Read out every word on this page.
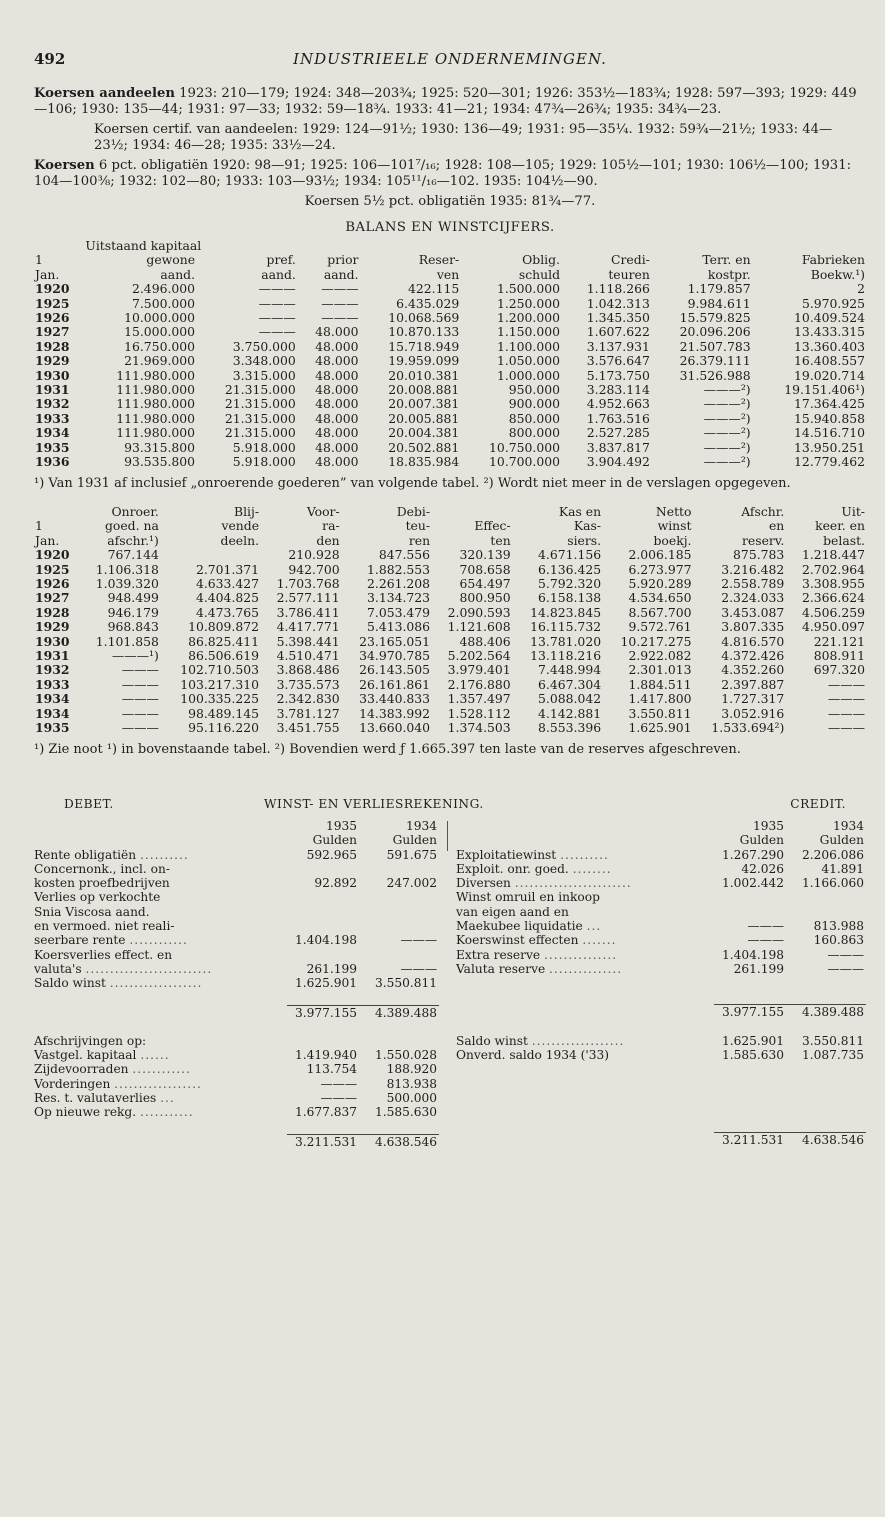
492	INDUSTRIEELE ONDERNEMINGEN.

Koersen aandeelen 1923: 210—179; 1924: 348—203¾; 1925: 520—301; 1926: 353½—183¾; 1928: 597—393; 1929: 449—106; 1930: 135—44; 1931: 97—33; 1932: 59—18¾. 1933: 41—21; 1934: 47¾—26¾; 1935: 34¾—23.

Koersen certif. van aandeelen: 1929: 124—91½; 1930: 136—49; 1931: 95—35¼. 1932: 59¾—21½; 1933: 44—23½; 1934: 46—28; 1935: 33½—24.

Koersen 6 pct. obligatiën 1920: 98—91; 1925: 106—101⁷/₁₆; 1928: 108—105; 1929: 105½—101; 1930: 106½—100; 1931: 104—100⅜; 1932: 102—80; 1933: 103—93½; 1934: 105¹¹/₁₆—102. 1935: 104½—90.

Koersen 5½ pct. obligatiën 1935: 81¾—77.

BALANS EN WINSTCIJFERS.
	Uitstaand kapitaal							
1	gewone	pref.	prior	Reser-	Oblig.	Credi-	Terr. en	Fabrieken
Jan.	aand.	aand.	aand.	ven	schuld	teuren	kostpr.	Boekw.¹)
1920	2.496.000	———	———	422.115	1.500.000	1.118.266	1.179.857	2
1925	7.500.000	———	———	6.435.029	1.250.000	1.042.313	9.984.611	5.970.925
1926	10.000.000	———	———	10.068.569	1.200.000	1.345.350	15.579.825	10.409.524
1927	15.000.000	———	48.000	10.870.133	1.150.000	1.607.622	20.096.206	13.433.315
1928	16.750.000	3.750.000	48.000	15.718.949	1.100.000	3.137.931	21.507.783	13.360.403
1929	21.969.000	3.348.000	48.000	19.959.099	1.050.000	3.576.647	26.379.111	16.408.557
1930	111.980.000	3.315.000	48.000	20.010.381	1.000.000	5.173.750	31.526.988	19.020.714
1931	111.980.000	21.315.000	48.000	20.008.881	950.000	3.283.114	———²)	19.151.406¹)
1932	111.980.000	21.315.000	48.000	20.007.381	900.000	4.952.663	———²)	17.364.425
1933	111.980.000	21.315.000	48.000	20.005.881	850.000	1.763.516	———²)	15.940.858
1934	111.980.000	21.315.000	48.000	20.004.381	800.000	2.527.285	———²)	14.516.710
1935	93.315.800	5.918.000	48.000	20.502.881	10.750.000	3.837.817	———²)	13.950.251
1936	93.535.800	5.918.000	48.000	18.835.984	10.700.000	3.904.492	———²)	12.779.462

¹) Van 1931 af inclusief „onroerende goederen” van volgende tabel. ²) Wordt niet meer in de verslagen opgegeven.

	Onroer.	Blij-	Voor-	Debi-		Kas en	Netto	Afschr.	Uit-
1	goed. na	vende	ra-	teu-	Effec-	Kas-	winst	en	keer. en
Jan.	afschr.¹)	deeln.	den	ren	ten	siers.	boekj.	reserv.	belast.
1920	767.144		210.928	847.556	320.139	4.671.156	2.006.185	875.783	1.218.447
1925	1.106.318	2.701.371	942.700	1.882.553	708.658	6.136.425	6.273.977	3.216.482	2.702.964
1926	1.039.320	4.633.427	1.703.768	2.261.208	654.497	5.792.320	5.920.289	2.558.789	3.308.955
1927	948.499	4.404.825	2.577.111	3.134.723	800.950	6.158.138	4.534.650	2.324.033	2.366.624
1928	946.179	4.473.765	3.786.411	7.053.479	2.090.593	14.823.845	8.567.700	3.453.087	4.506.259
1929	968.843	10.809.872	4.417.771	5.413.086	1.121.608	16.115.732	9.572.761	3.807.335	4.950.097
1930	1.101.858	86.825.411	5.398.441	23.165.051	488.406	13.781.020	10.217.275	4.816.570	221.121
1931	———¹)	86.506.619	4.510.471	34.970.785	5.202.564	13.118.216	2.922.082	4.372.426	808.911
1932	———	102.710.503	3.868.486	26.143.505	3.979.401	7.448.994	2.301.013	4.352.260	697.320
1933	———	103.217.310	3.735.573	26.161.861	2.176.880	6.467.304	1.884.511	2.397.887	———
1934	———	100.335.225	2.342.830	33.440.833	1.357.497	5.088.042	1.417.800	1.727.317	———
1934	———	98.489.145	3.781.127	14.383.992	1.528.112	4.142.881	3.550.811	3.052.916	———
1935	———	95.116.220	3.451.755	13.660.040	1.374.503	8.553.396	1.625.901	1.533.694²)	———

¹) Zie noot ¹) in bovenstaande tabel. ²) Bovendien werd ƒ 1.665.397 ten laste van de reserves afgeschreven.

DEBET.	WINST- EN VERLIESREKENING.	CREDIT.
	1935	1934
	Gulden	Gulden
Rente obligatiën ..........	592.965	591.675
Concernonk., incl. on-		
kosten proefbedrijven	92.892	247.002
Verlies op verkochte		
Snia Viscosa aand.		
en vermoed. niet reali-		
seerbare rente ............	1.404.198	———
Koersverlies effect. en		
valuta's ..........................	261.199	———
Saldo winst ...................	1.625.901	3.550.811

	3.977.155	4.389.488

Afschrijvingen op:		
Vastgel. kapitaal ......	1.419.940	1.550.028
Zijdevoorraden ............	113.754	188.920
Vorderingen ..................	———	813.938
Res. t. valutaverlies ...	———	500.000
Op nieuwe rekg. ...........	1.677.837	1.585.630

	3.211.531	4.638.546
	1935	1934
	Gulden	Gulden
Exploitatiewinst ..........	1.267.290	2.206.086
Exploit. onr. goed. ........	42.026	41.891
Diversen ........................	1.002.442	1.166.060
Winst omruil en inkoop		
van eigen aand en		
Maekubee liquidatie ...	———	813.988
Koerswinst effecten .......	———	160.863
Extra reserve ...............	1.404.198	———
Valuta reserve ...............	261.199	———

	3.977.155	4.389.488

Saldo winst ...................	1.625.901	3.550.811
Onverd. saldo 1934 ('33)	1.585.630	1.087.735

	3.211.531	4.638.546
